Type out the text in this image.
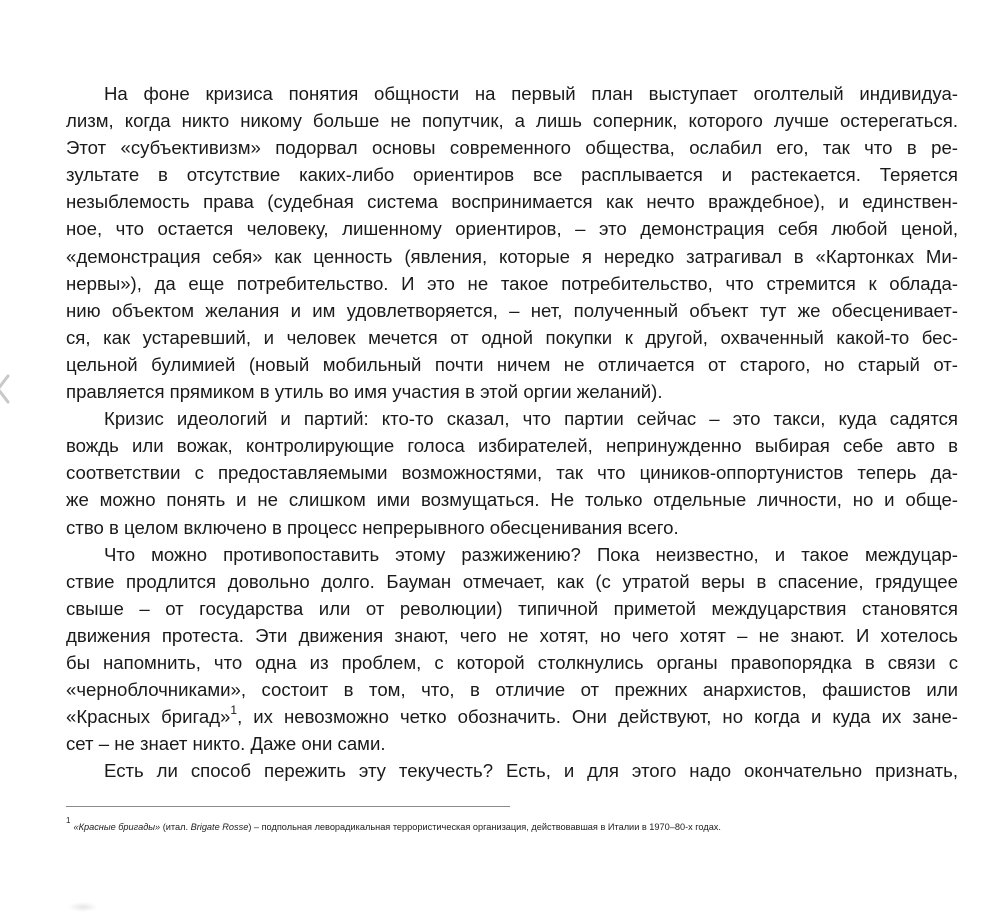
На фоне кризиса понятия общности на первый план выступает оголтелый индивидуа-
лизм, когда никто никому больше не попутчик, а лишь соперник, которого лучше остерегаться.
Этот «субъективизм» подорвал основы современного общества, ослабил его, так что в ре-
зультате в отсутствие каких-либо ориентиров все расплывается и растекается. Теряется
незыблемость права (судебная система воспринимается как нечто враждебное), и единствен-
ное, что остается человеку, лишенному ориентиров, – это демонстрация себя любой ценой,
«демонстрация себя» как ценность (явления, которые я нередко затрагивал в «Картонках Ми-
нервы»), да еще потребительство. И это не такое потребительство, что стремится к облада-
нию объектом желания и им удовлетворяется, – нет, полученный объект тут же обесценивает-
ся, как устаревший, и человек мечется от одной покупки к другой, охваченный какой-то бес-
цельной булимией (новый мобильный почти ничем не отличается от старого, но старый от-
правляется прямиком в утиль во имя участия в этой оргии желаний).
Кризис идеологий и партий: кто-то сказал, что партии сейчас – это такси, куда садятся
вождь или вожак, контролирующие голоса избирателей, непринужденно выбирая себе авто в
соответствии с предоставляемыми возможностями, так что циников-оппортунистов теперь да-
же можно понять и не слишком ими возмущаться. Не только отдельные личности, но и обще-
ство в целом включено в процесс непрерывного обесценивания всего.
Что можно противопоставить этому разжижению? Пока неизвестно, и такое междуцар-
ствие продлится довольно долго. Бауман отмечает, как (с утратой веры в спасение, грядущее
свыше – от государства или от революции) типичной приметой междуцарствия становятся
движения протеста. Эти движения знают, чего не хотят, но чего хотят – не знают. И хотелось
бы напомнить, что одна из проблем, с которой столкнулись органы правопорядка в связи с
«черноблочниками», состоит в том, что, в отличие от прежних анархистов, фашистов или
«Красных бригад»$^1$, их невозможно четко обозначить. Они действуют, но когда и куда их зане-
сет – не знает никто. Даже они сами.
Есть ли способ пережить эту текучесть? Есть, и для этого надо окончательно признать,
$^1$«Красные бригады» (итал. Brigate Rosse) – подпольная леворадикальная террористическая организация, действовавшая в Италии в 1970–80-х годах.
